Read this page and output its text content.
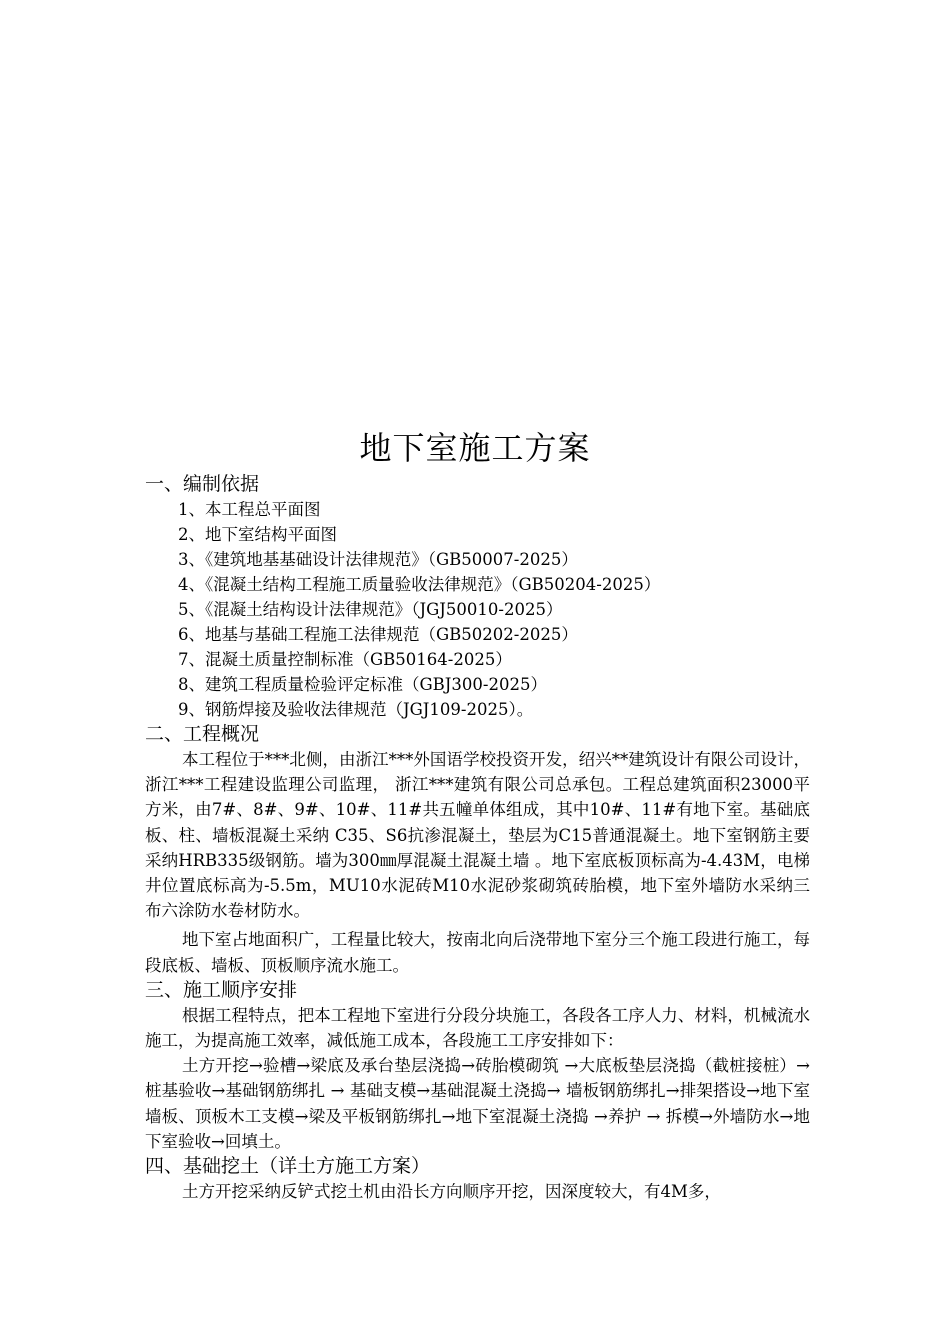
地下室施工方案
一、编制依据
1、本工程总平面图
2、地下室结构平面图
3、《建筑地基基础设计法律规范》（GB50007-2025）
4、《混凝土结构工程施工质量验收法律规范》（GB50204-2025）
5、《混凝土结构设计法律规范》（JGJ50010-2025）
6、地基与基础工程施工法律规范（GB50202-2025）
7、混凝土质量控制标准（GB50164-2025）
8、建筑工程质量检验评定标准（GBJ300-2025）
9、钢筋焊接及验收法律规范（JGJ109-2025）。
二、工程概况

本工程位于***北侧，由浙江***外国语学校投资开发，绍兴**建筑设计有限公司设计，浙江***工程建设监理公司监理， 浙江***建筑有限公司总承包。工程总建筑面积23000平方米，由7#、8#、9#、10#、11#共五幢单体组成，其中10#、11#有地下室。基础底板、柱、墙板混凝土采纳 C35、S6抗渗混凝土，垫层为C15普通混凝土。地下室钢筋主要采纳HRB335级钢筋。墙为300㎜厚混凝土混凝土墙 。地下室底板顶标高为-4.43M，电梯井位置底标高为-5.5m，MU10水泥砖M10水泥砂浆砌筑砖胎模，地下室外墙防水采纳三布六涂防水卷材防水。

地下室占地面积广，工程量比较大，按南北向后浇带地下室分三个施工段进行施工，每段底板、墙板、顶板顺序流水施工。

三、施工顺序安排

根据工程特点，把本工程地下室进行分段分块施工，各段各工序人力、材料，机械流水施工，为提高施工效率，减低施工成本，各段施工工序安排如下：

土方开挖→验槽→梁底及承台垫层浇捣→砖胎模砌筑 →大底板垫层浇捣（截桩接桩）→桩基验收→基础钢筋绑扎 → 基础支模→基础混凝土浇捣→ 墙板钢筋绑扎→排架搭设→地下室墙板、顶板木工支模→梁及平板钢筋绑扎→地下室混凝土浇捣 →养护 → 拆模→外墙防水→地下室验收→回填土。

四、基础挖土（详土方施工方案）

土方开挖采纳反铲式挖土机由沿长方向顺序开挖，因深度较大，有4M多，
